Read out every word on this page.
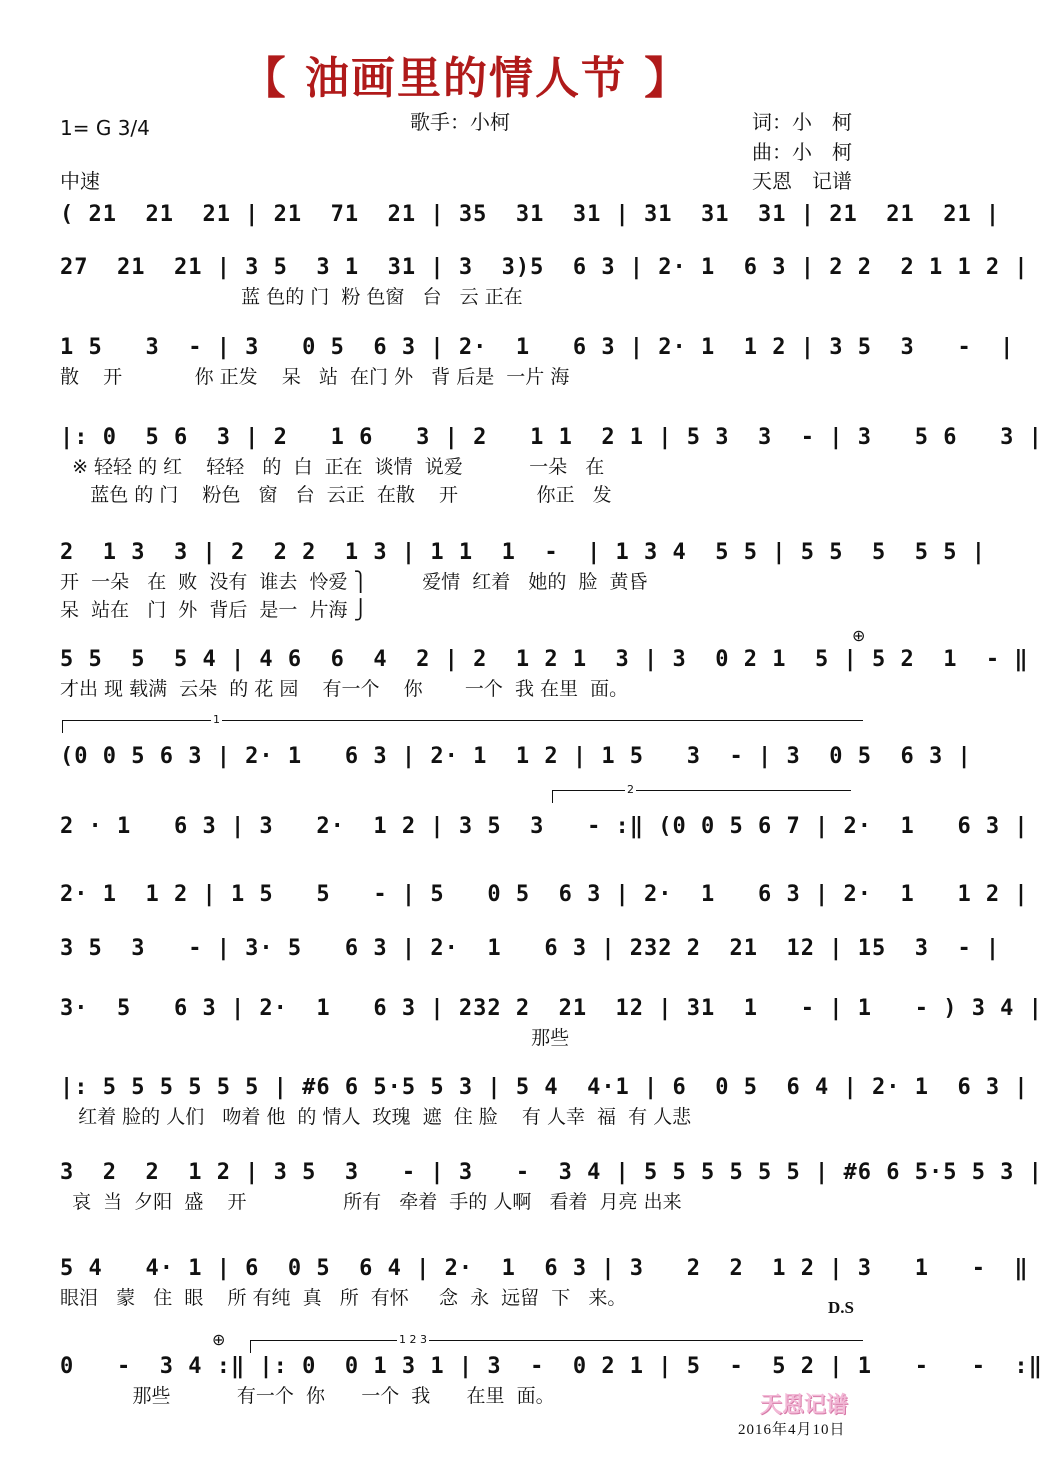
【 油画里的情人节 】
1= G 3/4	歌手：小柯	词：小　柯
曲：小　柯
中速	天恩　记谱
( 21  21  21 | 21  71  21 | 35  31  31 | 31  31  31 | 21  21  21 |
27  21  21 | 3 5  3 1  31 | 3  3)5  6 3 | 2· 1  6 3 | 2 2  2 1 1 2 |
蓝 色的 门  粉 色窗   台   云 正在
1 5   3  - | 3   0 5  6 3 | 2·  1   6 3 | 2· 1  1 2 | 3 5  3   -  |
散    开            你 正发    呆   站  在门 外   背 后是  一片 海
|: 0  5 6  3 | 2   1 6   3 | 2   1 1  2 1 | 5 3  3  - | 3   5 6   3 |
※ 轻轻 的 红    轻轻   的  白  正在  谈情  说爱           一朵   在
蓝色 的 门    粉色   窗   台  云正  在散    开             你正   发
2  1 3  3 | 2  2 2  1 3 | 1 1  1  -  | 1 3 4  5 5 | 5 5  5  5 5 |
开  一朵   在  败  没有  谁去  怜爱 ⎫         爱情  红着   她的  脸  黄昏
呆  站在   门  外  背后  是一  片海 ⎭
⊕
5 5  5  5 4 | 4 6  6  4  2 | 2  1 2 1  3 | 3  0 2 1  5 | 5 2  1  - ‖
才出 现 载满  云朵  的 花 园    有一个    你       一个  我 在里  面。
1
(0 0 5 6 3 | 2· 1   6 3 | 2· 1  1 2 | 1 5   3  - | 3  0 5  6 3 |
2
2 · 1   6 3 | 3   2·  1 2 | 3 5  3   - :‖ (0 0 5 6 7 | 2·  1   6 3 |
2· 1  1 2 | 1 5   5   - | 5   0 5  6 3 | 2·  1   6 3 | 2·  1   1 2 |
3 5  3   - | 3· 5   6 3 | 2·  1   6 3 | 232 2  21  12 | 15  3  - |
3·  5   6 3 | 2·  1   6 3 | 232 2  21  12 | 31  1   - | 1   - ) 3 4 |
那些
|: 5 5 5 5 5 5 | #6 6 5·5 5 3 | 5 4  4·1 | 6  0 5  6 4 | 2· 1  6 3 |
红着 脸的 人们   吻着 他  的 情人  玫瑰  遮  住 脸    有 人幸  福  有 人悲
3  2  2  1 2 | 3 5  3   - | 3   -  3 4 | 5 5 5 5 5 5 | #6 6 5·5 5 3 |
哀  当  夕阳  盛    开                所有   牵着  手的 人啊   看着  月亮 出来
5 4   4· 1 | 6  0 5  6 4 | 2·  1  6 3 | 3   2  2  1 2 | 3   1   -  ‖
眼泪   蒙   住  眼    所 有纯  真   所  有怀     念  永  远留  下   来。	D.S
⊕	1 2 3
0   -  3 4 :‖ |: 0  0 1 3 1 | 3  -  0 2 1 | 5  -  5 2 | 1   -   -  :‖
那些           有一个  你      一个  我      在里  面。	天恩记谱
2016年4月10日
